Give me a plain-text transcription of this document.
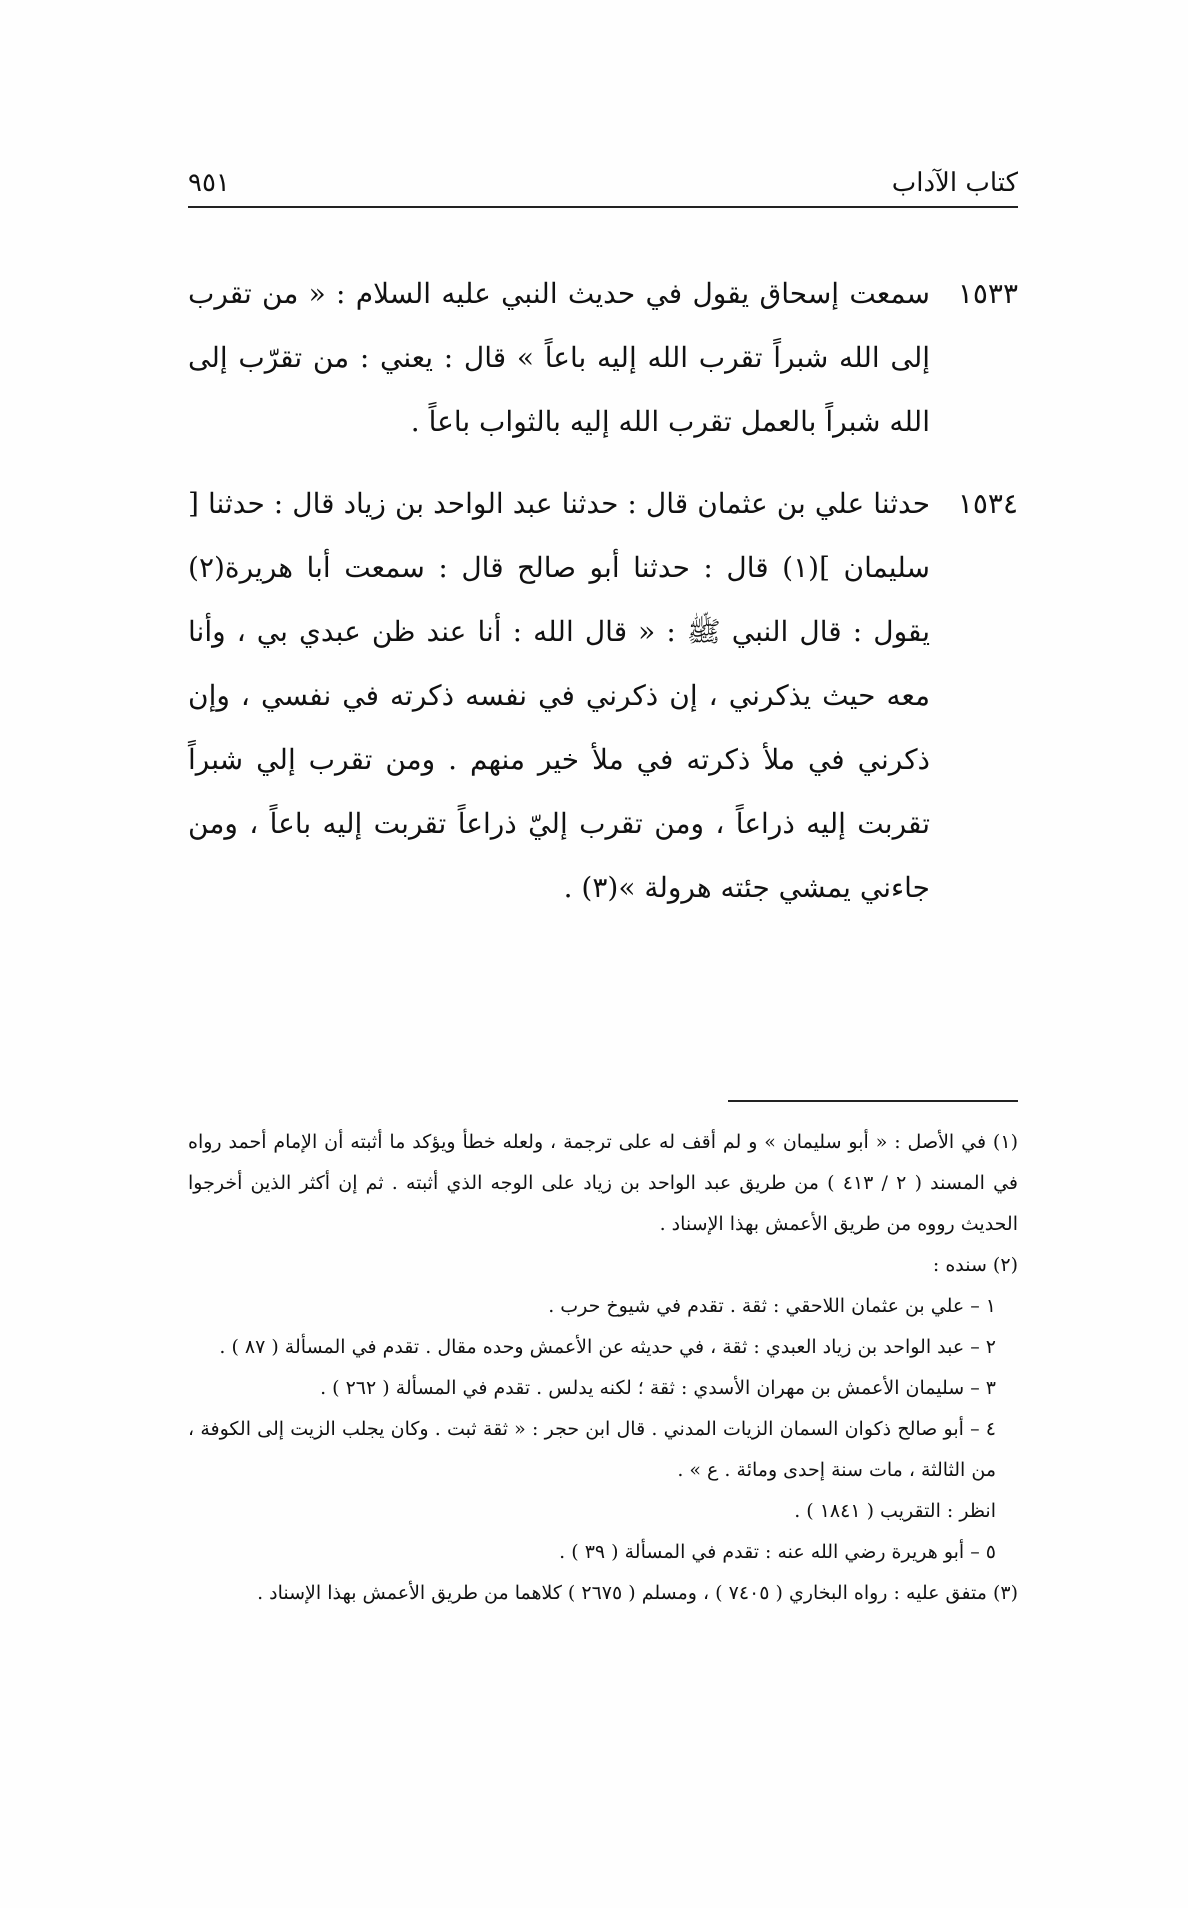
كتاب الآداب
٩٥١
١٥٣٣
سمعت إسحاق يقول في حديث النبي عليه السلام : « من تقرب إلى الله شبراً تقرب الله إليه باعاً » قال : يعني : من تقرّب إلى الله شبراً بالعمل تقرب الله إليه بالثواب باعاً .
١٥٣٤
حدثنا علي بن عثمان قال : حدثنا عبد الواحد بن زياد قال : حدثنا [ سليمان ](١) قال : حدثنا أبو صالح قال : سمعت أبا هريرة(٢) يقول : قال النبي ﷺ : « قال الله : أنا عند ظن عبدي بي ، وأنا معه حيث يذكرني ، إن ذكرني في نفسه ذكرته في نفسي ، وإن ذكرني في ملأ ذكرته في ملأ خير منهم . ومن تقرب إلي شبراً تقربت إليه ذراعاً ، ومن تقرب إليّ ذراعاً تقربت إليه باعاً ، ومن جاءني يمشي جئته هرولة »(٣) .
(١) في الأصل : « أبو سليمان » و لم أقف له على ترجمة ، ولعله خطأ ويؤكد ما أثبته أن الإمام أحمد رواه في المسند ( ٢ / ٤١٣ ) من طريق عبد الواحد بن زياد على الوجه الذي أثبته . ثم إن أكثر الذين أخرجوا الحديث رووه من طريق الأعمش بهذا الإسناد .
(٢) سنده :
١ – علي بن عثمان اللاحقي : ثقة . تقدم في شيوخ حرب .
٢ – عبد الواحد بن زياد العبدي : ثقة ، في حديثه عن الأعمش وحده مقال . تقدم في المسألة ( ٨٧ ) .
٣ – سليمان الأعمش بن مهران الأسدي : ثقة ؛ لكنه يدلس . تقدم في المسألة ( ٢٦٢ ) .
٤ – أبو صالح ذكوان السمان الزيات المدني . قال ابن حجر : « ثقة ثبت . وكان يجلب الزيت إلى الكوفة ، من الثالثة ، مات سنة إحدى ومائة . ع » .
انظر : التقريب ( ١٨٤١ ) .
٥ – أبو هريرة رضي الله عنه : تقدم في المسألة ( ٣٩ ) .
(٣) متفق عليه : رواه البخاري ( ٧٤٠٥ ) ، ومسلم ( ٢٦٧٥ ) كلاهما من طريق الأعمش بهذا الإسناد .
